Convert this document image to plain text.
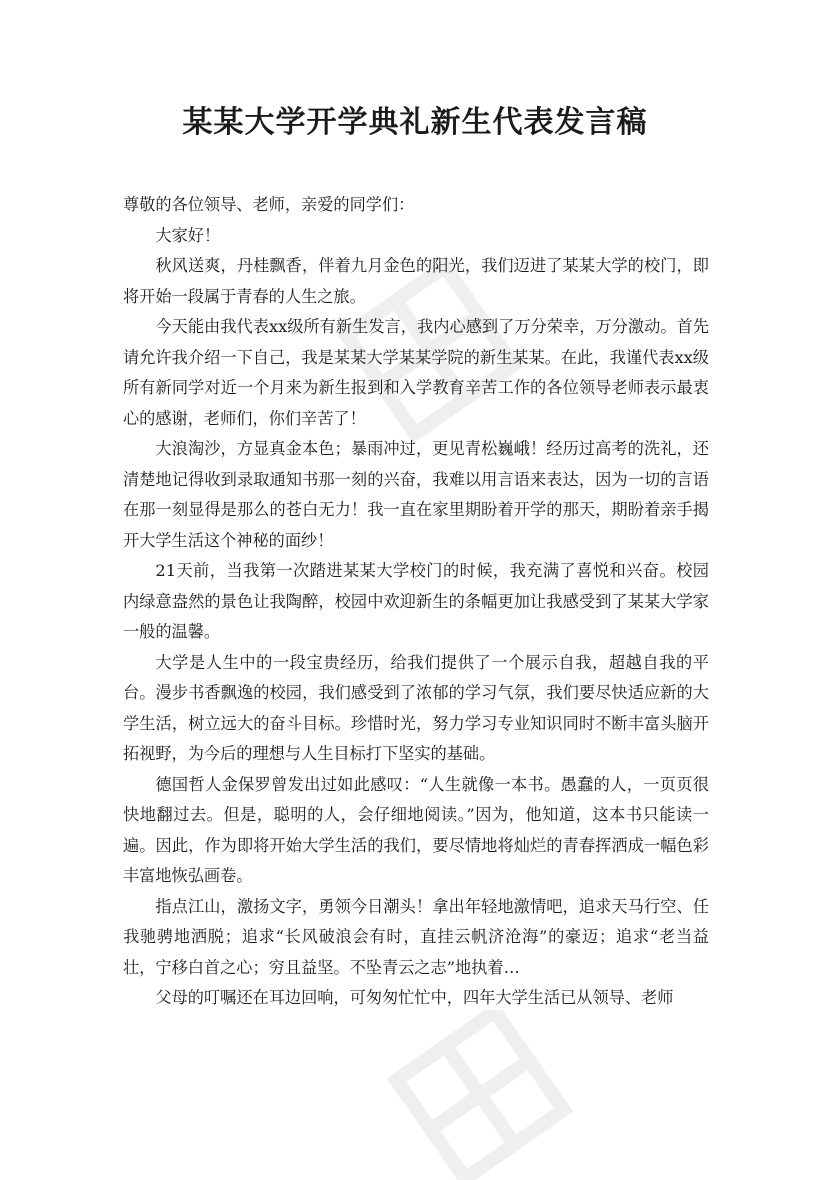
某某大学开学典礼新生代表发言稿

尊敬的各位领导、老师，亲爱的同学们：

大家好！

秋风送爽，丹桂飘香，伴着九月金色的阳光，我们迈进了某某大学的校门，即将开始一段属于青春的人生之旅。

今天能由我代表xx级所有新生发言，我内心感到了万分荣幸，万分激动。首先请允许我介绍一下自己，我是某某大学某某学院的新生某某。在此，我谨代表xx级所有新同学对近一个月来为新生报到和入学教育辛苦工作的各位领导老师表示最衷心的感谢，老师们，你们辛苦了！

大浪淘沙，方显真金本色；暴雨冲过，更见青松巍峨！经历过高考的洗礼，还清楚地记得收到录取通知书那一刻的兴奋，我难以用言语来表达，因为一切的言语在那一刻显得是那么的苍白无力！我一直在家里期盼着开学的那天，期盼着亲手揭开大学生活这个神秘的面纱！

21天前，当我第一次踏进某某大学校门的时候，我充满了喜悦和兴奋。校园内绿意盎然的景色让我陶醉，校园中欢迎新生的条幅更加让我感受到了某某大学家一般的温馨。

大学是人生中的一段宝贵经历，给我们提供了一个展示自我，超越自我的平台。漫步书香飘逸的校园，我们感受到了浓郁的学习气氛，我们要尽快适应新的大学生活，树立远大的奋斗目标。珍惜时光，努力学习专业知识同时不断丰富头脑开拓视野，为今后的理想与人生目标打下坚实的基础。

德国哲人金保罗曾发出过如此感叹：“人生就像一本书。愚蠢的人，一页页很快地翻过去。但是，聪明的人，会仔细地阅读。”因为，他知道，这本书只能读一遍。因此，作为即将开始大学生活的我们，要尽情地将灿烂的青春挥洒成一幅色彩丰富地恢弘画卷。

指点江山，激扬文字，勇领今日潮头！拿出年轻地激情吧，追求天马行空、任我驰骋地洒脱；追求“长风破浪会有时，直挂云帆济沧海”的豪迈；追求“老当益壮，宁移白首之心；穷且益坚。不坠青云之志”地执着…

父母的叮嘱还在耳边回响，可匆匆忙忙中，四年大学生活已从领导、老师
